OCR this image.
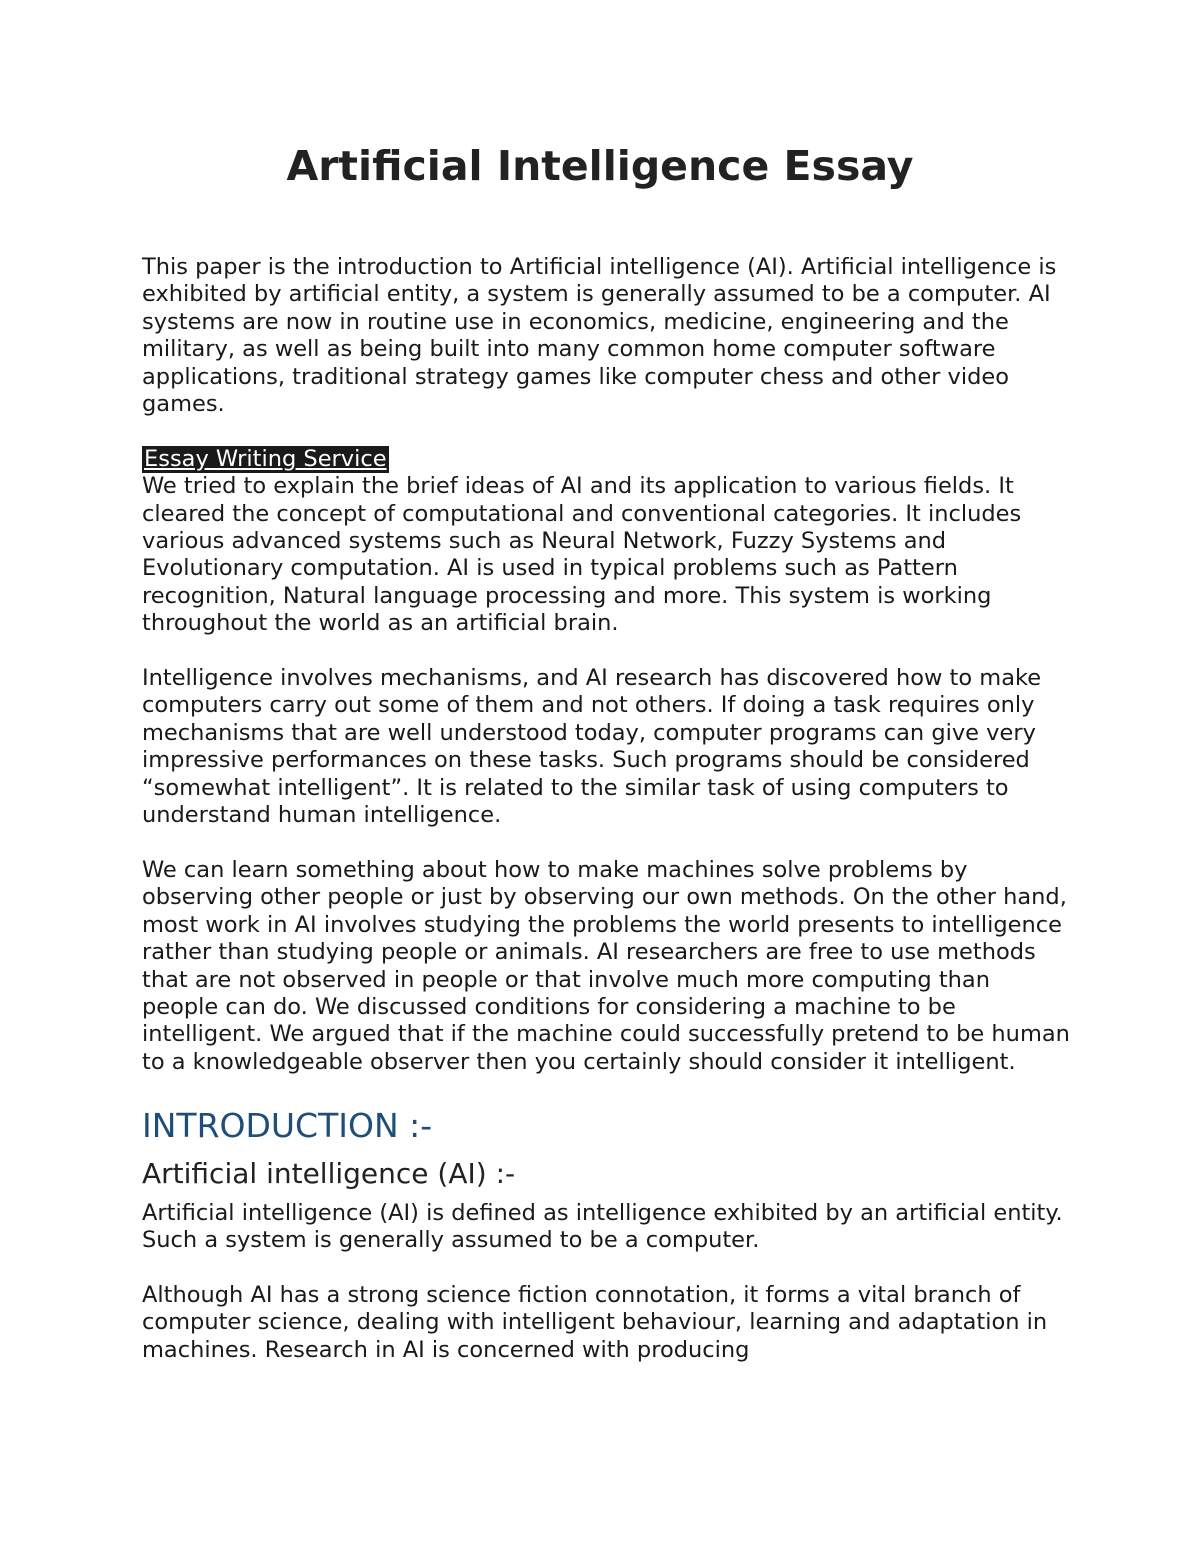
Artificial Intelligence Essay

This paper is the introduction to Artificial intelligence (AI). Artificial intelligence is exhibited by artificial entity, a system is generally assumed to be a computer. AI systems are now in routine use in economics, medicine, engineering and the military, as well as being built into many common home computer software applications, traditional strategy games like computer chess and other video games.

Essay Writing Service

We tried to explain the brief ideas of AI and its application to various fields. It cleared the concept of computational and conventional categories. It includes various advanced systems such as Neural Network, Fuzzy Systems and Evolutionary computation. AI is used in typical problems such as Pattern recognition, Natural language processing and more. This system is working throughout the world as an artificial brain.

Intelligence involves mechanisms, and AI research has discovered how to make computers carry out some of them and not others. If doing a task requires only mechanisms that are well understood today, computer programs can give very impressive performances on these tasks. Such programs should be considered “somewhat intelligent”. It is related to the similar task of using computers to understand human intelligence.

We can learn something about how to make machines solve problems by observing other people or just by observing our own methods. On the other hand, most work in AI involves studying the problems the world presents to intelligence rather than studying people or animals. AI researchers are free to use methods that are not observed in people or that involve much more computing than people can do. We discussed conditions for considering a machine to be intelligent. We argued that if the machine could successfully pretend to be human to a knowledgeable observer then you certainly should consider it intelligent.

INTRODUCTION :-
Artificial intelligence (AI) :-

Artificial intelligence (AI) is defined as intelligence exhibited by an artificial entity. Such a system is generally assumed to be a computer.

Although AI has a strong science fiction connotation, it forms a vital branch of computer science, dealing with intelligent behaviour, learning and adaptation in machines. Research in AI is concerned with producing
